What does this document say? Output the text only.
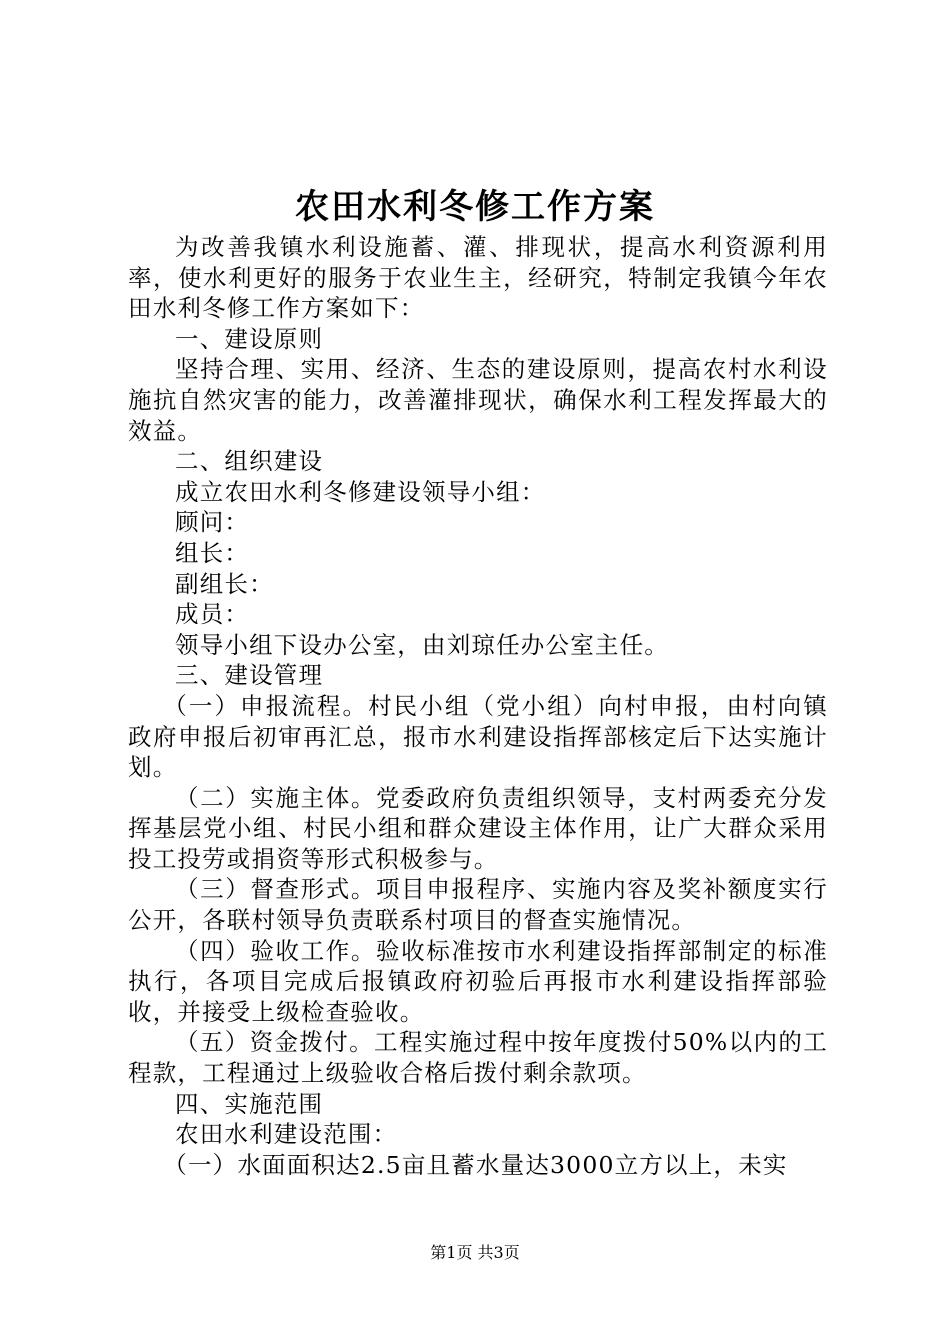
农田水利冬修工作方案

为改善我镇水利设施蓄、灌、排现状，提高水利资源利用率，使水利更好的服务于农业生主，经研究，特制定我镇今年农田水利冬修工作方案如下：

一、建设原则

坚持合理、实用、经济、生态的建设原则，提高农村水利设施抗自然灾害的能力，改善灌排现状，确保水利工程发挥最大的效益。

二、组织建设

成立农田水利冬修建设领导小组：

顾问：

组长：

副组长：

成员：

领导小组下设办公室，由刘琼任办公室主任。

三、建设管理

（一）申报流程。村民小组（党小组）向村申报，由村向镇政府申报后初审再汇总，报市水利建设指挥部核定后下达实施计划。

（二）实施主体。党委政府负责组织领导，支村两委充分发挥基层党小组、村民小组和群众建设主体作用，让广大群众采用投工投劳或捐资等形式积极参与。

（三）督查形式。项目申报程序、实施内容及奖补额度实行公开，各联村领导负责联系村项目的督查实施情况。

（四）验收工作。验收标准按市水利建设指挥部制定的标准执行，各项目完成后报镇政府初验后再报市水利建设指挥部验收，并接受上级检查验收。

（五）资金拨付。工程实施过程中按年度拨付50%以内的工程款，工程通过上级验收合格后拨付剩余款项。

四、实施范围

农田水利建设范围：

（一）水面面积达2.5亩且蓄水量达3000立方以上，未实

第1页 共3页
